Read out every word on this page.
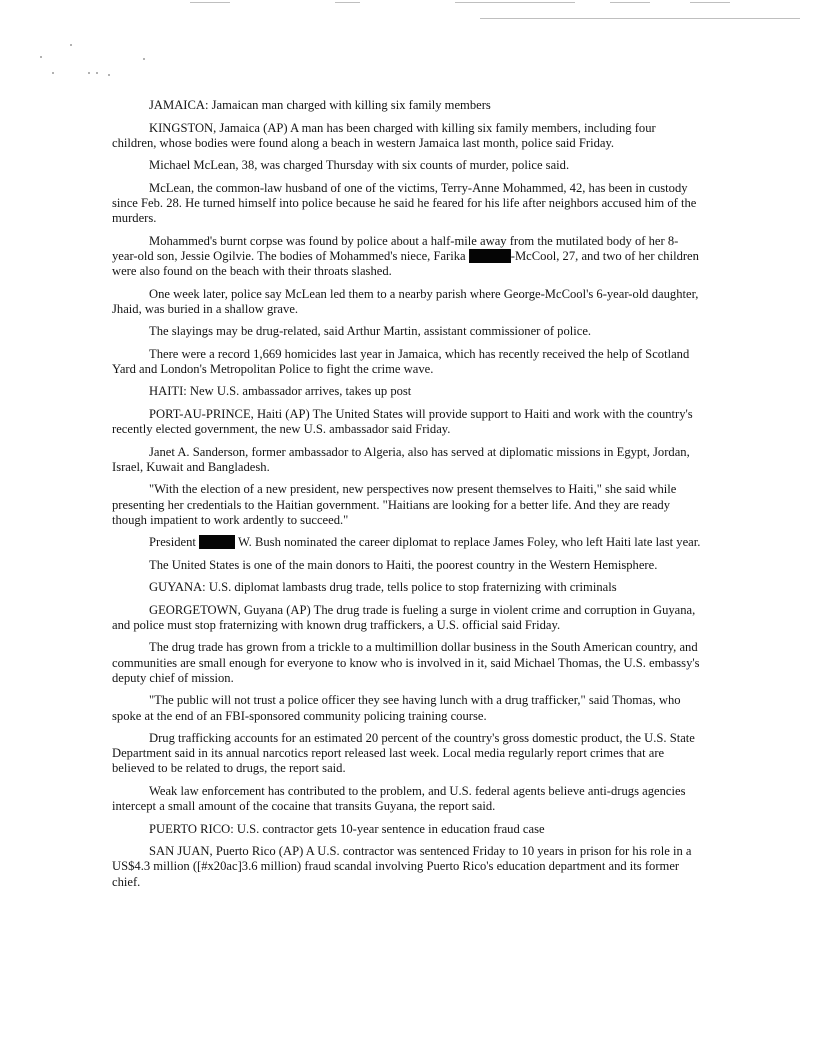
JAMAICA: Jamaican man charged with killing six family members

KINGSTON, Jamaica (AP) A man has been charged with killing six family members, including four children, whose bodies were found along a beach in western Jamaica last month, police said Friday.

Michael McLean, 38, was charged Thursday with six counts of murder, police said.

McLean, the common-law husband of one of the victims, Terry-Anne Mohammed, 42, has been in custody since Feb. 28. He turned himself into police because he said he feared for his life after neighbors accused him of the murders.

Mohammed's burnt corpse was found by police about a half-mile away from the mutilated body of her 8-year-old son, Jessie Ogilvie. The bodies of Mohammed's niece, Farika	-McCool, 27, and two of her children were also found on the beach with their throats slashed.

One week later, police say McLean led them to a nearby parish where George-McCool's 6-year-old daughter, Jhaid, was buried in a shallow grave.

The slayings may be drug-related, said Arthur Martin, assistant commissioner of police.

There were a record 1,669 homicides last year in Jamaica, which has recently received the help of Scotland Yard and London's Metropolitan Police to fight the crime wave.

HAITI: New U.S. ambassador arrives, takes up post

PORT-AU-PRINCE, Haiti (AP) The United States will provide support to Haiti and work with the country's recently elected government, the new U.S. ambassador said Friday.

Janet A. Sanderson, former ambassador to Algeria, also has served at diplomatic missions in Egypt, Jordan, Israel, Kuwait and Bangladesh.

"With the election of a new president, new perspectives now present themselves to Haiti," she said while presenting her credentials to the Haitian government. "Haitians are looking for a better life. And they are ready though impatient to work ardently to succeed."

President	W. Bush nominated the career diplomat to replace James Foley, who left Haiti late last year.

The United States is one of the main donors to Haiti, the poorest country in the Western Hemisphere.

GUYANA: U.S. diplomat lambasts drug trade, tells police to stop fraternizing with criminals

GEORGETOWN, Guyana (AP) The drug trade is fueling a surge in violent crime and corruption in Guyana, and police must stop fraternizing with known drug traffickers, a U.S. official said Friday.

The drug trade has grown from a trickle to a multimillion dollar business in the South American country, and communities are small enough for everyone to know who is involved in it, said Michael Thomas, the U.S. embassy's deputy chief of mission.

"The public will not trust a police officer they see having lunch with a drug trafficker," said Thomas, who spoke at the end of an FBI-sponsored community policing training course.

Drug trafficking accounts for an estimated 20 percent of the country's gross domestic product, the U.S. State Department said in its annual narcotics report released last week. Local media regularly report crimes that are believed to be related to drugs, the report said.

Weak law enforcement has contributed to the problem, and U.S. federal agents believe anti-drugs agencies intercept a small amount of the cocaine that transits Guyana, the report said.

PUERTO RICO: U.S. contractor gets 10-year sentence in education fraud case

SAN JUAN, Puerto Rico (AP) A U.S. contractor was sentenced Friday to 10 years in prison for his role in a US$4.3 million ([#x20ac]3.6 million) fraud scandal involving Puerto Rico's education department and its former chief.
